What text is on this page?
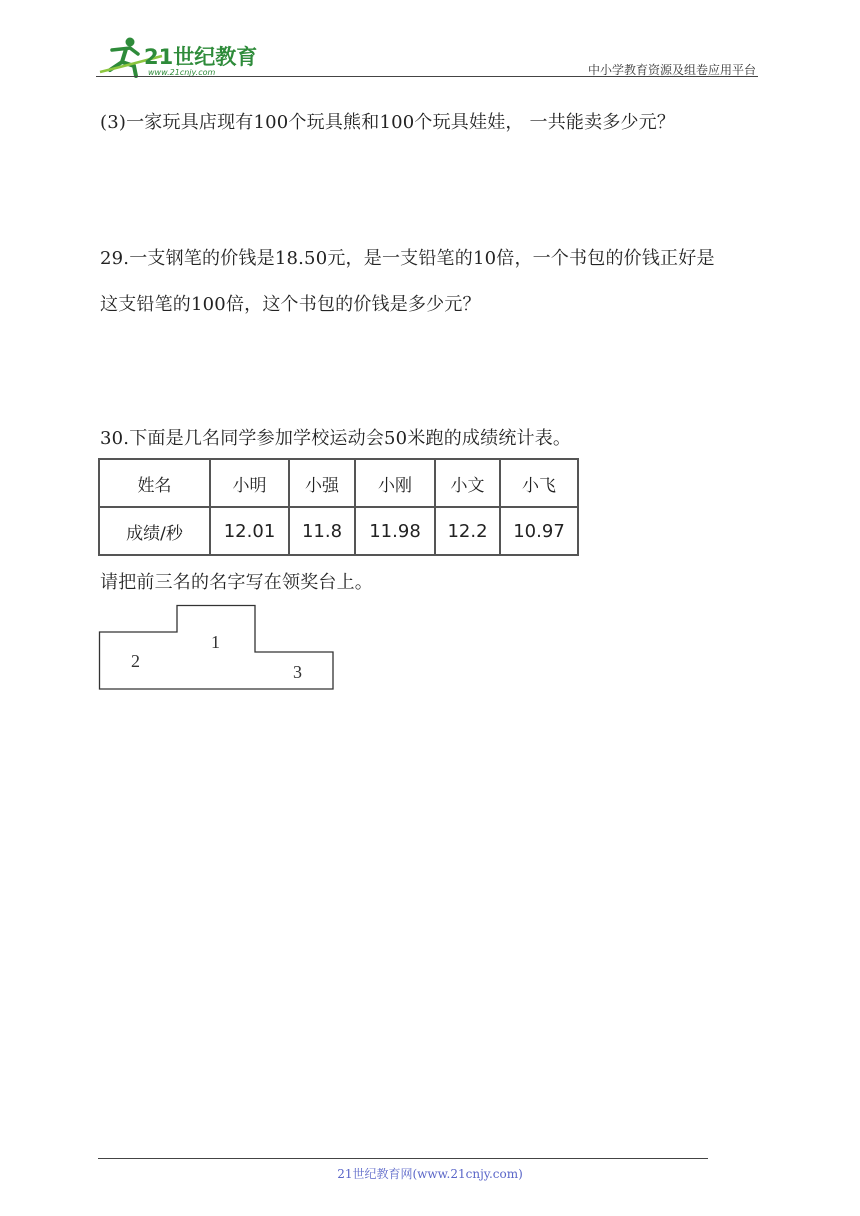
21世纪教育
www.21cnjy.com	中小学教育资源及组卷应用平台
(3)一家玩具店现有100个玩具熊和100个玩具娃娃， 一共能卖多少元？
29.一支钢笔的价钱是18.50元，是一支铅笔的10倍，一个书包的价钱正好是
这支铅笔的100倍，这个书包的价钱是多少元？
30.下面是几名同学参加学校运动会50米跑的成绩统计表。
姓名	小明	小强	小刚	小文	小飞
成绩/秒	12.01	11.8	11.98	12.2	10.97
请把前三名的名字写在领奖台上。
1
2
3
21世纪教育网(www.21cnjy.com)
